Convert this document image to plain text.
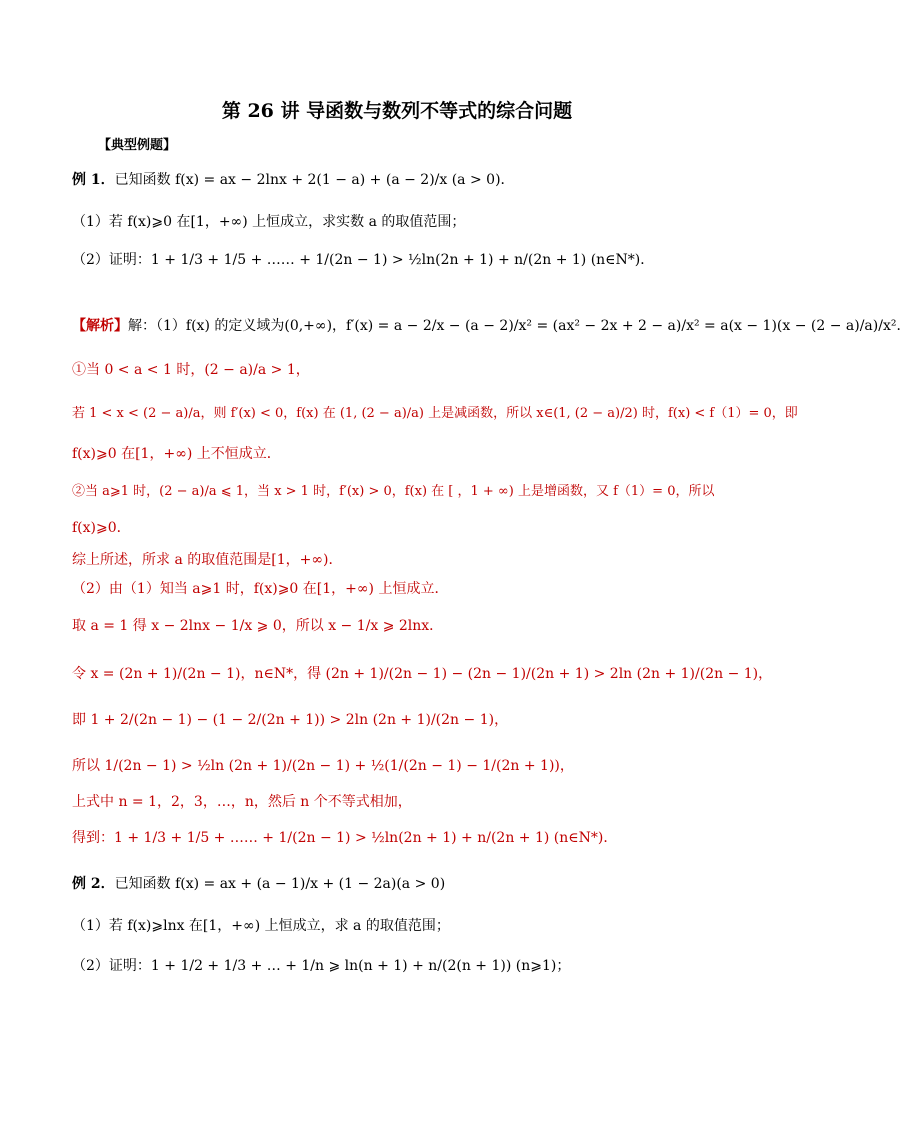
第 26 讲 导函数与数列不等式的综合问题
【典型例题】
例 1．已知函数 f(x) = ax − 2lnx + 2(1 − a) + (a − 2)/x (a > 0)．
（1）若 f(x)⩾0 在[1，+∞) 上恒成立，求实数 a 的取值范围；
（2）证明：1 + 1/3 + 1/5 + …… + 1/(2n − 1) > ½ln(2n + 1) + n/(2n + 1) (n∈N*)．
【解析】解：（1）f(x) 的定义域为(0,+∞)，f′(x) = a − 2/x − (a − 2)/x² = (ax² − 2x + 2 − a)/x² = a(x − 1)(x − (2 − a)/a)/x²．
①当 0 < a < 1 时，(2 − a)/a > 1，
若 1 < x < (2 − a)/a，则 f′(x) < 0，f(x) 在 (1, (2 − a)/a) 上是减函数，所以 x∈(1, (2 − a)/2) 时，f(x) < f（1）= 0，即
f(x)⩾0 在[1，+∞) 上不恒成立．
②当 a⩾1 时，(2 − a)/a ⩽ 1，当 x > 1 时，f′(x) > 0，f(x) 在 [ ，1 + ∞) 上是增函数，又 f（1）= 0，所以
f(x)⩾0．
综上所述，所求 a 的取值范围是[1，+∞)．
（2）由（1）知当 a⩾1 时，f(x)⩾0 在[1，+∞) 上恒成立．
取 a = 1 得 x − 2lnx − 1/x ⩾ 0，所以 x − 1/x ⩾ 2lnx．
令 x = (2n + 1)/(2n − 1)，n∈N*，得 (2n + 1)/(2n − 1) − (2n − 1)/(2n + 1) > 2ln (2n + 1)/(2n − 1)，
即 1 + 2/(2n − 1) − (1 − 2/(2n + 1)) > 2ln (2n + 1)/(2n − 1)，
所以 1/(2n − 1) > ½ln (2n + 1)/(2n − 1) + ½(1/(2n − 1) − 1/(2n + 1))，
上式中 n = 1，2，3，…，n，然后 n 个不等式相加，
得到：1 + 1/3 + 1/5 + …… + 1/(2n − 1) > ½ln(2n + 1) + n/(2n + 1) (n∈N*)．
例 2．已知函数 f(x) = ax + (a − 1)/x + (1 − 2a)(a > 0)
（1）若 f(x)⩾lnx 在[1，+∞) 上恒成立，求 a 的取值范围；
（2）证明：1 + 1/2 + 1/3 + … + 1/n ⩾ ln(n + 1) + n/(2(n + 1)) (n⩾1)；
